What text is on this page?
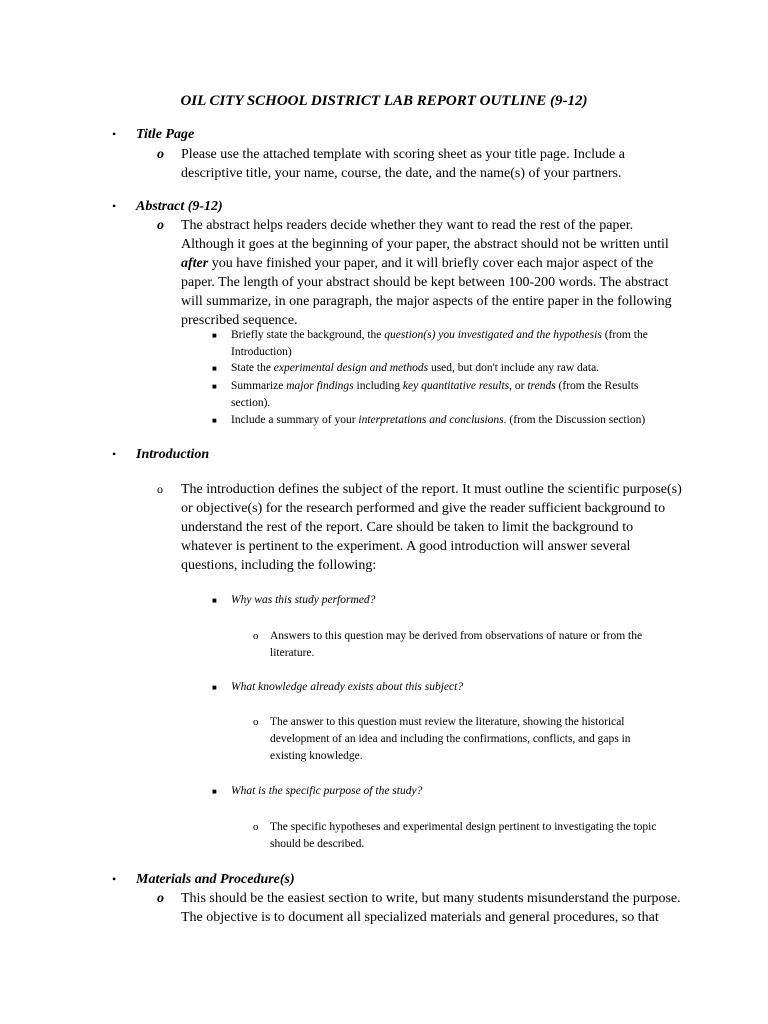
OIL CITY SCHOOL DISTRICT LAB REPORT OUTLINE (9-12)
• Title Page
o Please use the attached template with scoring sheet as your title page. Include a
descriptive title, your name, course, the date, and the name(s) of your partners.
• Abstract (9-12)
o The abstract helps readers decide whether they want to read the rest of the paper.
Although it goes at the beginning of your paper, the abstract should not be written until
after you have finished your paper, and it will briefly cover each major aspect of the
paper. The length of your abstract should be kept between 100-200 words. The abstract
will summarize, in one paragraph, the major aspects of the entire paper in the following
prescribed sequence.
■ Briefly state the background, the question(s) you investigated and the hypothesis (from the
Introduction)
■ State the experimental design and methods used, but don't include any raw data.
■ Summarize major findings including key quantitative results, or trends (from the Results
section).
■ Include a summary of your interpretations and conclusions. (from the Discussion section)
• Introduction
o The introduction defines the subject of the report. It must outline the scientific purpose(s)
or objective(s) for the research performed and give the reader sufficient background to
understand the rest of the report. Care should be taken to limit the background to
whatever is pertinent to the experiment. A good introduction will answer several
questions, including the following:
■ Why was this study performed?
o Answers to this question may be derived from observations of nature or from the
literature.
■ What knowledge already exists about this subject?
o The answer to this question must review the literature, showing the historical
development of an idea and including the confirmations, conflicts, and gaps in
existing knowledge.
■ What is the specific purpose of the study?
o The specific hypotheses and experimental design pertinent to investigating the topic
should be described.
• Materials and Procedure(s)
o This should be the easiest section to write, but many students misunderstand the purpose.
The objective is to document all specialized materials and general procedures, so that
